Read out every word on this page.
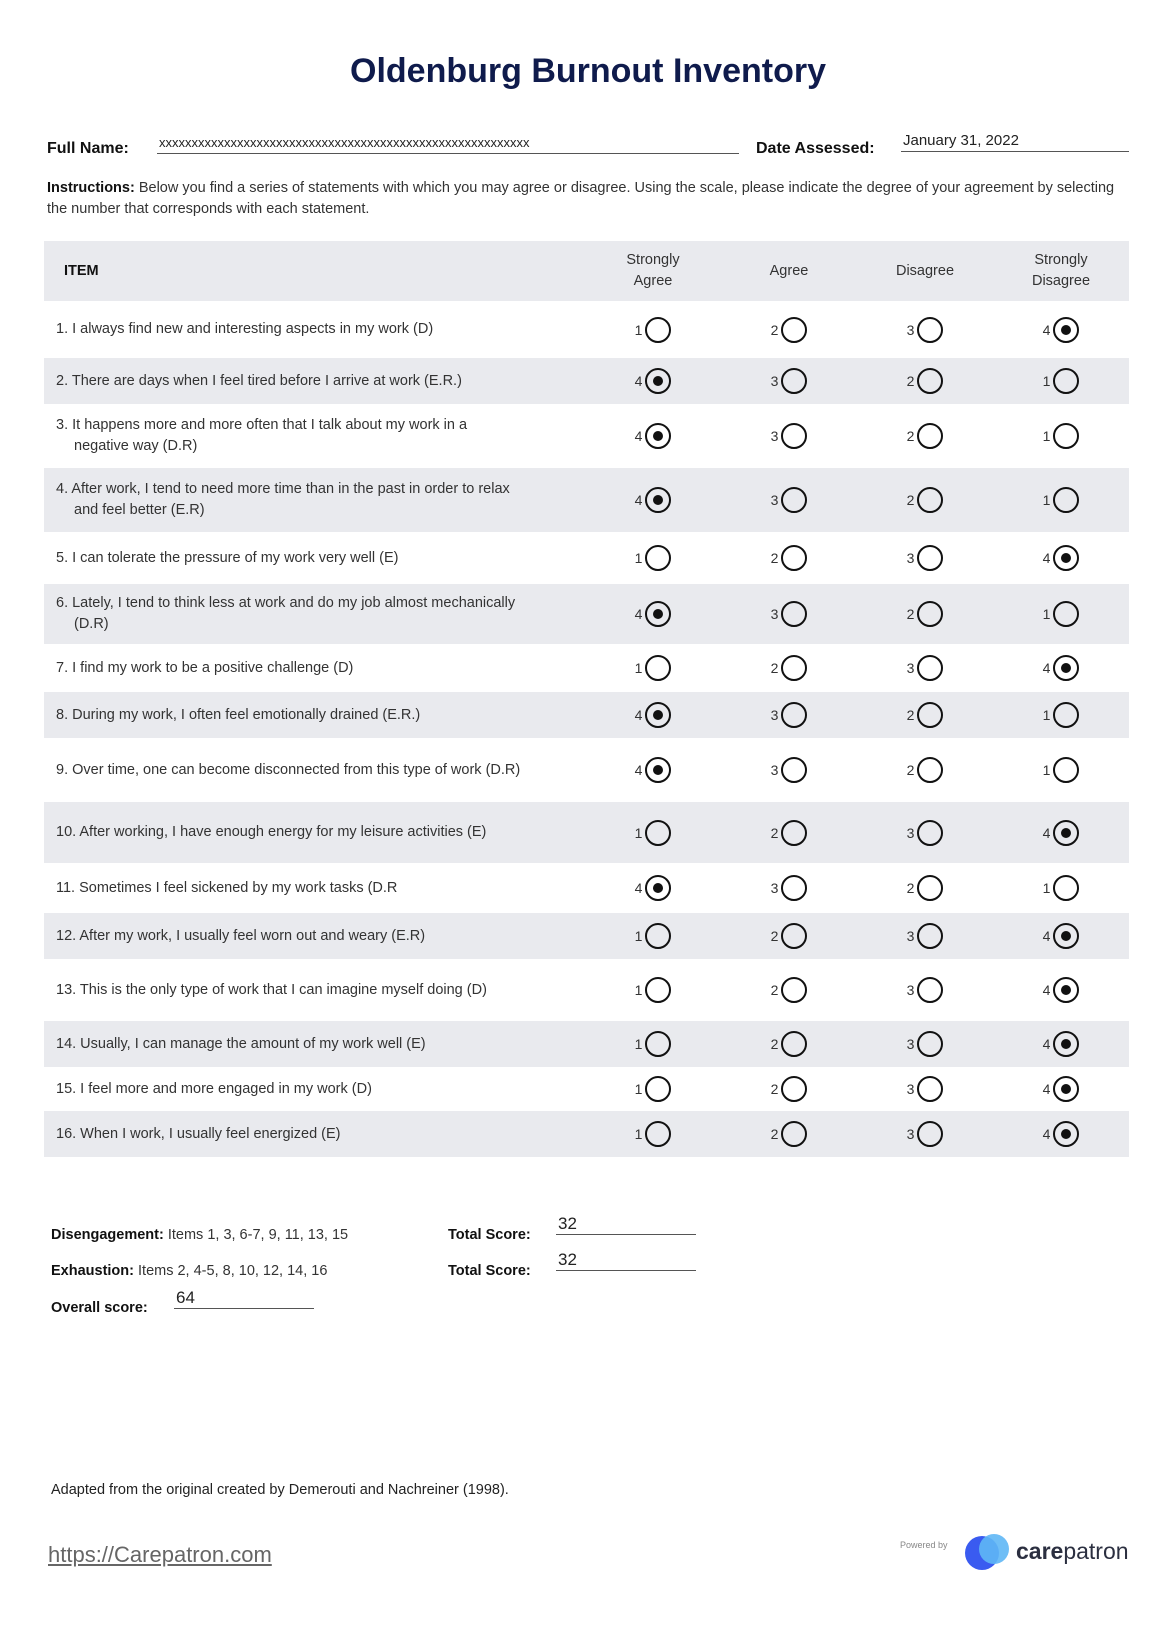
Oldenburg Burnout Inventory
Full Name: xxxxxxxxxxxxxxxxxxxxxxxxxxxxxxxxxxxxxxxxxxxxxxxxxxxxxxxxx	Date Assessed: January 31, 2022
Instructions: Below you find a series of statements with which you may agree or disagree. Using the scale, please indicate the degree of your agreement by selecting the number that corresponds with each statement.
ITEM	Strongly Agree	Agree	Disagree	Strongly Disagree

1. I always find new and interesting aspects in my work (D)	1	2	3	4

2. There are days when I feel tired before I arrive at work (E.R.)	4	3	2	1

3. It happens more and more often that I talk about my work in a negative way (D.R)	4	3	2	1

4. After work, I tend to need more time than in the past in order to relax and feel better (E.R)	4	3	2	1

5. I can tolerate the pressure of my work very well (E)	1	2	3	4

6. Lately, I tend to think less at work and do my job almost mechanically (D.R)	4	3	2	1

7. I find my work to be a positive challenge (D)	1	2	3	4

8. During my work, I often feel emotionally drained (E.R.)	4	3	2	1

9. Over time, one can become disconnected from this type of work (D.R)	4	3	2	1

10. After working, I have enough energy for my leisure activities (E)	1	2	3	4

11. Sometimes I feel sickened by my work tasks (D.R	4	3	2	1

12. After my work, I usually feel worn out and weary (E.R)	1	2	3	4

13. This is the only type of work that I can imagine myself doing (D)	1	2	3	4

14. Usually, I can manage the amount of my work well (E)	1	2	3	4

15. I feel more and more engaged in my work (D)	1	2	3	4

16. When I work, I usually feel energized (E)	1	2	3	4
Disengagement: Items 1, 3, 6-7, 9, 11, 13, 15	Total Score:
32
Exhaustion: Items 2, 4-5, 8, 10, 12, 14, 16	Total Score:
32
Overall score:
64
Adapted from the original created by Demerouti and Nachreiner (1998).
https://Carepatron.com	Powered by	carepatron
